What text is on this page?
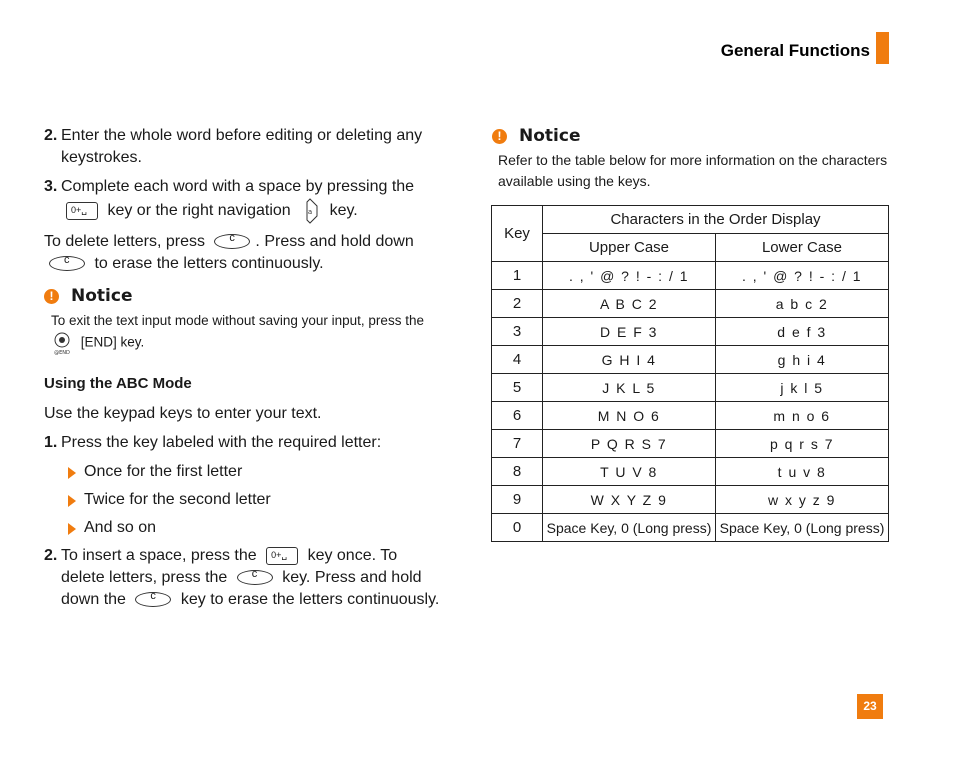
General Functions
2. Enter the whole word before editing or deleting any keystrokes.
3. Complete each word with a space by pressing the
0+␣ key or the right navigation a key.
To delete letters, press c	. Press and hold down
c to erase the letters continuously.
!	Notice
To exit the text input mode without saving your input, press the

@END
[END] key.
Using the ABC Mode
Use the keypad keys to enter your text.
1. Press the key labeled with the required letter:
Once for the first letter
Twice for the second letter
And so on
2. To insert a space, press the 0+␣	key once. To delete letters, press the c	key. Press and hold down the c	key to erase the letters continuously.
!	Notice
Refer to the table below for more information on the characters available using the keys.
Key	Characters in the Order Display	
	Upper Case	Lower Case
1	. , ' @ ? ! - : / 1	. , ' @ ? ! - : / 1
2	A B C 2	a b c 2
3	D E F 3	d e f 3
4	G H I 4	g h i 4
5	J K L 5	j k l 5
6	M N O 6	m n o 6
7	P Q R S 7	p q r s 7
8	T U V 8	t u v 8
9	W X Y Z 9	w x y z 9
0	Space Key, 0 (Long press)	Space Key, 0 (Long press)
23
